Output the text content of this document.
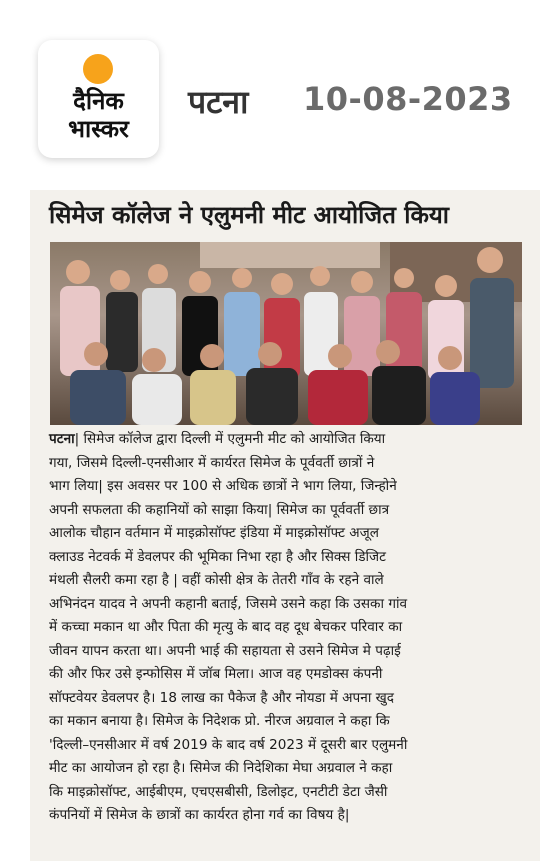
दैनिक
भास्कर
पटना 10-08-2023
सिमेज कॉलेज ने एलुमनी मीट आयोजित किया
पटना| सिमेज कॉलेज द्वारा दिल्ली में एलुमनी मीट को आयोजित किया
गया, जिसमे दिल्ली-एनसीआर में कार्यरत सिमेज के पूर्ववर्ती छात्रों ने
भाग लिया| इस अवसर पर 100 से अधिक छात्रों ने भाग लिया, जिन्होने
अपनी सफलता की कहानियों को साझा किया| सिमेज का पूर्ववर्ती छात्र
आलोक चौहान वर्तमान में माइक्रोसॉफ्ट इंडिया में माइक्रोसॉफ्ट अजूल
क्लाउड नेटवर्क में डेवलपर की भूमिका निभा रहा है और सिक्स डिजिट
मंथली सैलरी कमा रहा है | वहीं कोसी क्षेत्र के तेतरी गाँव के रहने वाले
अभिनंदन यादव ने अपनी कहानी बताई, जिसमे उसने कहा कि उसका गांव
में कच्चा मकान था और पिता की मृत्यु के बाद वह दूध बेचकर परिवार का
जीवन यापन करता था। अपनी भाई की सहायता से उसने सिमेज मे पढ़ाई
की और फिर उसे इन्फोसिस में जॉब मिला। आज वह एमडोक्स कंपनी
सॉफ्टवेयर डेवलपर है। 18 लाख का पैकेज है और नोयडा में अपना खुद
का मकान बनाया है। सिमेज के निदेशक प्रो. नीरज अग्रवाल ने कहा कि
'दिल्ली–एनसीआर में वर्ष 2019 के बाद वर्ष 2023 में दूसरी बार एलुमनी
मीट का आयोजन हो रहा है। सिमेज की निदेशिका मेघा अग्रवाल ने कहा
कि माइक्रोसॉफ्ट, आईबीएम, एचएसबीसी, डिलोइट, एनटीटी डेटा जैसी
कंपनियों में सिमेज के छात्रों का कार्यरत होना गर्व का विषय है|
